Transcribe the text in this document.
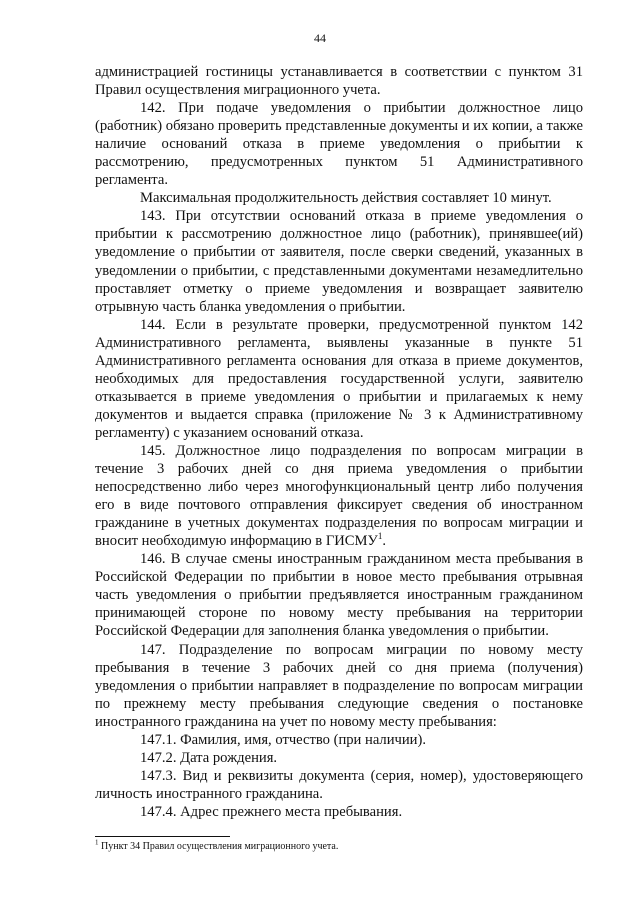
44

администрацией гостиницы устанавливается в соответствии с пунктом 31 Правил осуществления миграционного учета.

142. При подаче уведомления о прибытии должностное лицо (работник) обязано проверить представленные документы и их копии, а также наличие оснований отказа в приеме уведомления о прибытии к рассмотрению, предусмотренных пунктом 51 Административного регламента.

Максимальная продолжительность действия составляет 10 минут.

143. При отсутствии оснований отказа в приеме уведомления о прибытии к рассмотрению должностное лицо (работник), принявшее(ий) уведомление о прибытии от заявителя, после сверки сведений, указанных в уведомлении о прибытии, с представленными документами незамедлительно проставляет отметку о приеме уведомления и возвращает заявителю отрывную часть бланка уведомления о прибытии.

144. Если в результате проверки, предусмотренной пунктом 142 Административного регламента, выявлены указанные в пункте 51 Административного регламента основания для отказа в приеме документов, необходимых для предоставления государственной услуги, заявителю отказывается в приеме уведомления о прибытии и прилагаемых к нему документов и выдается справка (приложение № 3 к Административному регламенту) с указанием оснований отказа.

145. Должностное лицо подразделения по вопросам миграции в течение 3 рабочих дней со дня приема уведомления о прибытии непосредственно либо через многофункциональный центр либо получения его в виде почтового отправления фиксирует сведения об иностранном гражданине в учетных документах подразделения по вопросам миграции и вносит необходимую информацию в ГИСМУ$^1$.

146. В случае смены иностранным гражданином места пребывания в Российской Федерации по прибытии в новое место пребывания отрывная часть уведомления о прибытии предъявляется иностранным гражданином принимающей стороне по новому месту пребывания на территории Российской Федерации для заполнения бланка уведомления о прибытии.

147. Подразделение по вопросам миграции по новому месту пребывания в течение 3 рабочих дней со дня приема (получения) уведомления о прибытии направляет в подразделение по вопросам миграции по прежнему месту пребывания следующие сведения о постановке иностранного гражданина на учет по новому месту пребывания:

147.1. Фамилия, имя, отчество (при наличии).

147.2. Дата рождения.

147.3. Вид и реквизиты документа (серия, номер), удостоверяющего личность иностранного гражданина.

147.4. Адрес прежнего места пребывания.

$^1$ Пункт 34 Правил осуществления миграционного учета.
